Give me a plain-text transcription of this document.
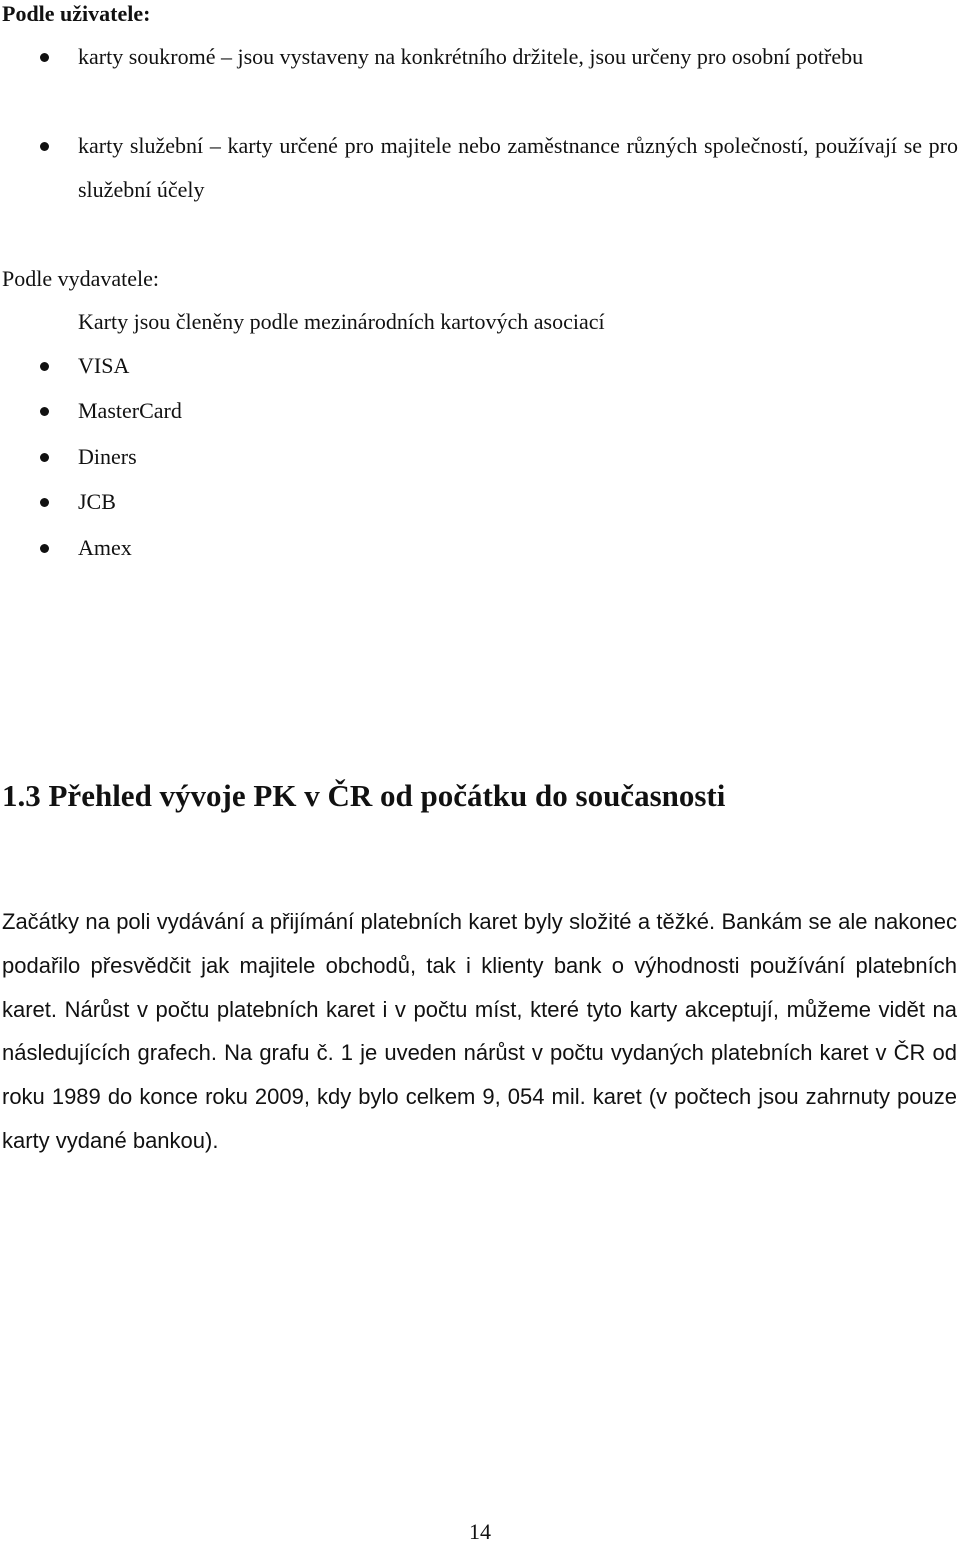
Podle uživatele:
karty soukromé – jsou vystaveny na konkrétního držitele, jsou určeny pro osobní potřebu
karty služební – karty určené pro majitele nebo zaměstnance různých společností, používají se pro služební účely
Podle vydavatele:
Karty jsou členěny podle mezinárodních kartových asociací
VISA
MasterCard
Diners
JCB
Amex
1.3 Přehled vývoje PK v ČR od počátku do současnosti

Začátky na poli vydávání a přijímání platebních karet byly složité a těžké. Bankám se ale nakonec podařilo přesvědčit jak majitele obchodů, tak i klienty bank o výhodnosti používání platebních karet. Nárůst v počtu platebních karet i v počtu míst, které tyto karty akceptují, můžeme vidět na následujících grafech. Na grafu č. 1 je uveden nárůst v počtu vydaných platebních karet v ČR od roku 1989 do konce roku 2009, kdy bylo celkem 9, 054 mil. karet (v počtech jsou zahrnuty pouze karty vydané bankou).

14
